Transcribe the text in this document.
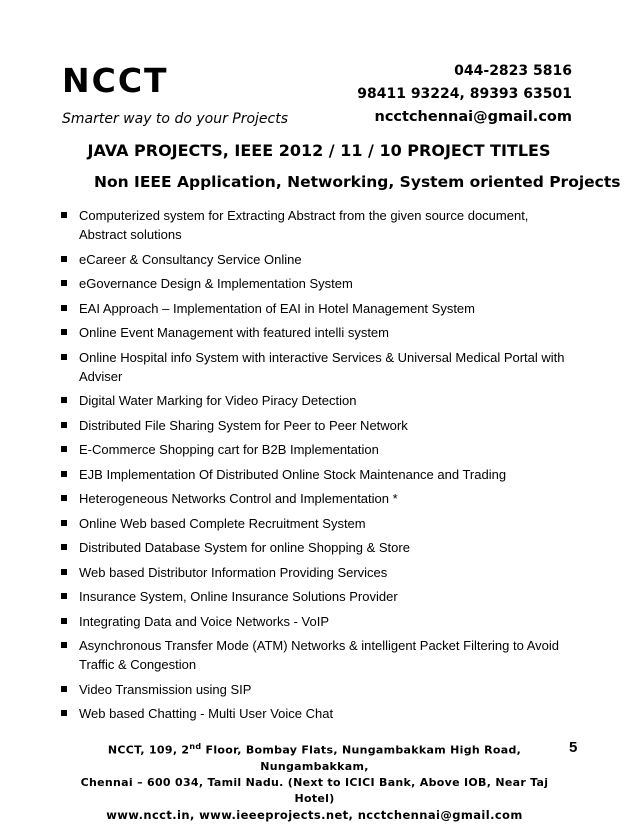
NCCT
Smarter way to do your Projects
044-2823 5816
98411 93224, 89393 63501
ncctchennai@gmail.com
JAVA PROJECTS, IEEE 2012 / 11 / 10 PROJECT TITLES
Non IEEE Application, Networking, System oriented Projects
Computerized system for Extracting Abstract from the given source document, Abstract solutions
eCareer & Consultancy Service Online
eGovernance Design & Implementation System
EAI Approach – Implementation of EAI in Hotel Management System
Online Event Management with featured intelli system
Online Hospital info System with interactive Services & Universal Medical Portal with Adviser
Digital Water Marking for Video Piracy Detection
Distributed File Sharing System for Peer to Peer Network
E-Commerce Shopping cart for B2B Implementation
EJB Implementation Of Distributed Online Stock Maintenance and Trading
Heterogeneous Networks Control and Implementation *
Online Web based Complete Recruitment System
Distributed Database System for online Shopping & Store
Web based Distributor Information Providing Services
Insurance System, Online Insurance Solutions Provider
Integrating Data and Voice Networks - VoIP
Asynchronous Transfer Mode (ATM) Networks & intelligent Packet Filtering to Avoid Traffic & Congestion
Video Transmission using SIP
Web based Chatting - Multi User Voice Chat
NCCT, 109, 2nd Floor, Bombay Flats, Nungambakkam High Road, Nungambakkam,
Chennai – 600 034, Tamil Nadu. (Next to ICICI Bank, Above IOB, Near Taj Hotel)
www.ncct.in, www.ieeeprojects.net, ncctchennai@gmail.com
5
